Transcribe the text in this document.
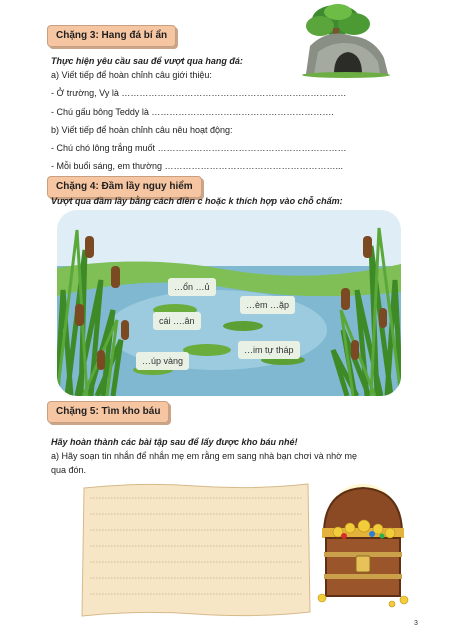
Chặng 3: Hang đá bí ẩn
Thực hiện yêu cầu sau để vượt qua hang đá:
a) Viết tiếp để hoàn chỉnh câu giới thiệu:
- Ở trường, Vy là …………………………………………………………………
- Chú gấu bông Teddy là …………………………………………………….
b) Viết tiếp để hoàn chỉnh câu nêu hoạt động:
- Chú chó lông trắng muốt ………………………………………………………
- Mỗi buổi sáng, em thường …………………………………………………...
Chặng 4: Đầm lầy nguy hiểm
Vượt qua đầm lầy bằng cách điền c hoặc k thích hợp vào chỗ chấm:
…ổn …ủ
…èm …ặp
cái ….ân
…im tự tháp
…úp vàng
Chặng 5: Tìm kho báu
Hãy hoàn thành các bài tập sau để lấy được kho báu nhé!
a) Hãy soạn tin nhắn để nhắn mẹ em rằng em sang nhà bạn chơi và nhờ mẹ
qua đón.
3
